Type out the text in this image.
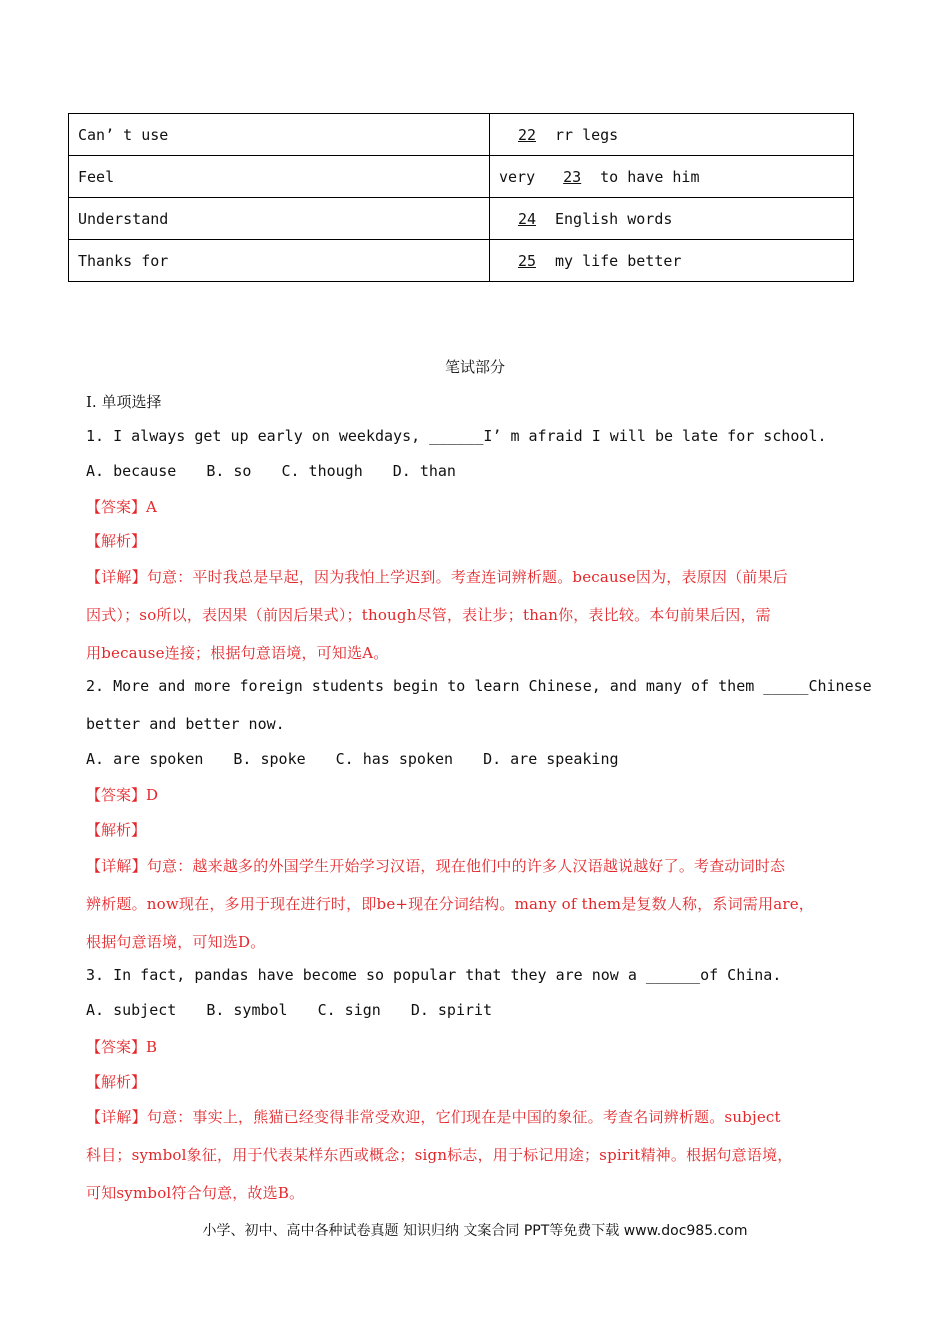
Can’ t use	22 rr legs
Feel	very 23 to have him
Understand	24 English words
Thanks for	25 my life better
笔试部分
I. 单项选择
1. I always get up early on weekdays, ______I’ m afraid I will be late for school.
A. because B. so C. though D. than
【答案】A
【解析】
【详解】句意：平时我总是早起，因为我怕上学迟到。考查连词辨析题。because因为，表原因（前果后
因式）；so所以，表因果（前因后果式）；though尽管，表让步；than你，表比较。本句前果后因，需
用because连接；根据句意语境，可知选A。
2. More and more foreign students begin to learn Chinese, and many of them _____Chinese
better and better now.
A. are spoken B. spoke C. has spoken D. are speaking
【答案】D
【解析】
【详解】句意：越来越多的外国学生开始学习汉语，现在他们中的许多人汉语越说越好了。考查动词时态
辨析题。now现在，多用于现在进行时，即be+现在分词结构。many of them是复数人称，系词需用are，
根据句意语境，可知选D。
3. In fact, pandas have become so popular that they are now a ______of China.
A. subject B. symbol C. sign D. spirit
【答案】B
【解析】
【详解】句意：事实上，熊猫已经变得非常受欢迎，它们现在是中国的象征。考查名词辨析题。subject
科目；symbol象征，用于代表某样东西或概念；sign标志，用于标记用途；spirit精神。根据句意语境，
可知symbol符合句意，故选B。
小学、初中、高中各种试卷真题 知识归纳 文案合同 PPT等免费下载 www.doc985.com
